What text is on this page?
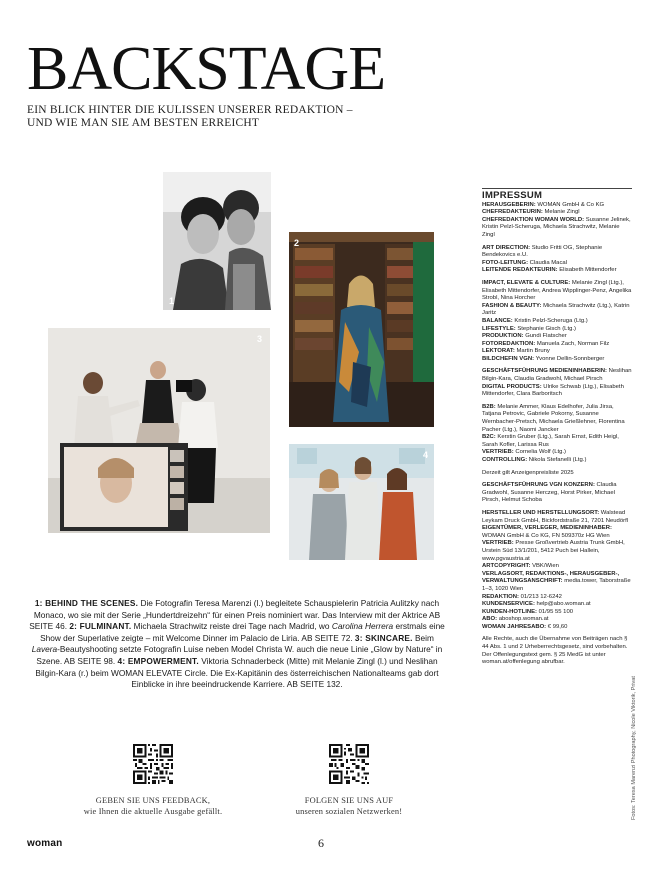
BACKSTAGE
EIN BLICK HINTER DIE KULISSEN UNSERER REDAKTION –
UND WIE MAN SIE AM BESTEN ERREICHT
1
2
3
4
1: BEHIND THE SCENES. Die Fotografin Teresa Marenzi (l.) begleitete Schauspielerin Patricia Aulitzky nach Monaco, wo sie mit der Serie „Hundertdreizehn“ für einen Preis nominiert war. Das Interview mit der Aktrice AB SEITE 46. 2: FULMINANT. Michaela Strachwitz reiste drei Tage nach Madrid, wo Carolina Herrera erstmals eine Show der Superlative zeigte – mit Welcome Dinner im Palacio de Liria. AB SEITE 72. 3: SKINCARE. Beim Lavera-Beautyshooting setzte Fotografin Luise neben Model Christa W. auch die neue Linie „Glow by Nature“ in Szene. AB SEITE 98. 4: EMPOWERMENT. Viktoria Schnaderbeck (Mitte) mit Melanie Zingl (l.) und Neslihan Bilgin-Kara (r.) beim WOMAN ELEVATE Circle. Die Ex-Kapitänin des österreichischen Nationalteams gab dort Einblicke in ihre beeindruckende Karriere. AB SEITE 132.
GEBEN SIE UNS FEEDBACK,
wie Ihnen die aktuelle Ausgabe gefällt.
FOLGEN SIE UNS AUF
unseren sozialen Netzwerken!
woman	6
IMPRESSUM
HERAUSGEBERIN: WOMAN GmbH & Co KG
CHEFREDAKTEURIN: Melanie Zingl
CHEFREDAKTION WOMAN WORLD: Susanne Jelinek, Kristin Pelzl-Scheruga, Michaela Strachwitz, Melanie Zingl
ART DIRECTION: Studio Fritti OG, Stephanie Bendekovics e.U.
FOTO-LEITUNG: Claudia Macal
LEITENDE REDAKTEURIN: Elisabeth Mittendorfer
IMPACT, ELEVATE & CULTURE: Melanie Zingl (Ltg.), Elisabeth Mittendorfer, Andrea Wipplinger-Penz, Angelika Strobl, Nina Horcher
FASHION & BEAUTY: Michaela Strachwitz (Ltg.), Katrin Jaritz
BALANCE: Kristin Pelzl-Scheruga (Ltg.)
LIFESTYLE: Stephanie Gisch (Ltg.)
PRODUKTION: Gundi Flatscher
FOTOREDAKTION: Manuela Zach, Norman Filz
LEKTORAT: Martin Bruny
BILDCHEFIN VGN: Yvonne Dellin-Sonnberger
GESCHÄFTSFÜHRUNG MEDIENINHABERIN: Neslihan Bilgin-Kara, Claudia Gradwohl, Michael Pirsch
DIGITAL PRODUCTS: Ulrike Schwab (Ltg.), Elisabeth Mittendorfer, Clara Barboritsch
B2B: Melanie Ammer, Klaus Edelhofer, Julia Jirsa, Tatjana Petrovic, Gabriele Pokorny, Susanne Wernbacher-Pretsch, Michaela Grießlehner, Florentina Pacher (Ltg.), Naomi Jancker
B2C: Kerstin Gruber (Ltg.), Sarah Ernst, Edith Heigl, Sarah Kofler, Larissa Rus
VERTRIEB: Cornelia Wolf (Ltg.)
CONTROLLING: Nikola Stefanelli (Ltg.)
Derzeit gilt Anzeigenpreisliste 2025
GESCHÄFTSFÜHRUNG VGN KONZERN: Claudia Gradwohl, Susanne Herczeg, Horst Pirker, Michael Pirsch, Helmut Schoba
HERSTELLER UND HERSTELLUNGSORT: Walstead Leykam Druck GmbH, Bickfordstraße 21, 7201 Neudörfl
EIGENTÜMER, VERLEGER, MEDIENINHABER: WOMAN GmbH & Co KG, FN 509370z HG Wien
VERTRIEB: Presse Großvertrieb Austria Trunk GmbH, Urstein Süd 13/1/201, 5412 Puch bei Hallein, www.pgvaustria.at
ARTCOPYRIGHT: VBK/Wien
VERLAGSORT, REDAKTIONS-, HERAUSGEBER-, VERWALTUNGSANSCHRIFT: media.tower, Taborstraße 1–3, 1020 Wien
REDAKTION: 01/213 12-6242
KUNDENSERVICE: help@abo.woman.at
KUNDEN-HOTLINE: 01/95 55 100
ABO: aboshop.woman.at
WOMAN JAHRESABO: € 99,60
Alle Rechte, auch die Übernahme von Beiträgen nach § 44 Abs. 1 und 2 Urheberrechtsgesetz, sind vorbehalten. Der Offenlegungstext gem. § 25 MedG ist unter woman.at/offenlegung abrufbar.
Fotos: Teresa Marenzi Photography, Nicole Viktorik, Privat
